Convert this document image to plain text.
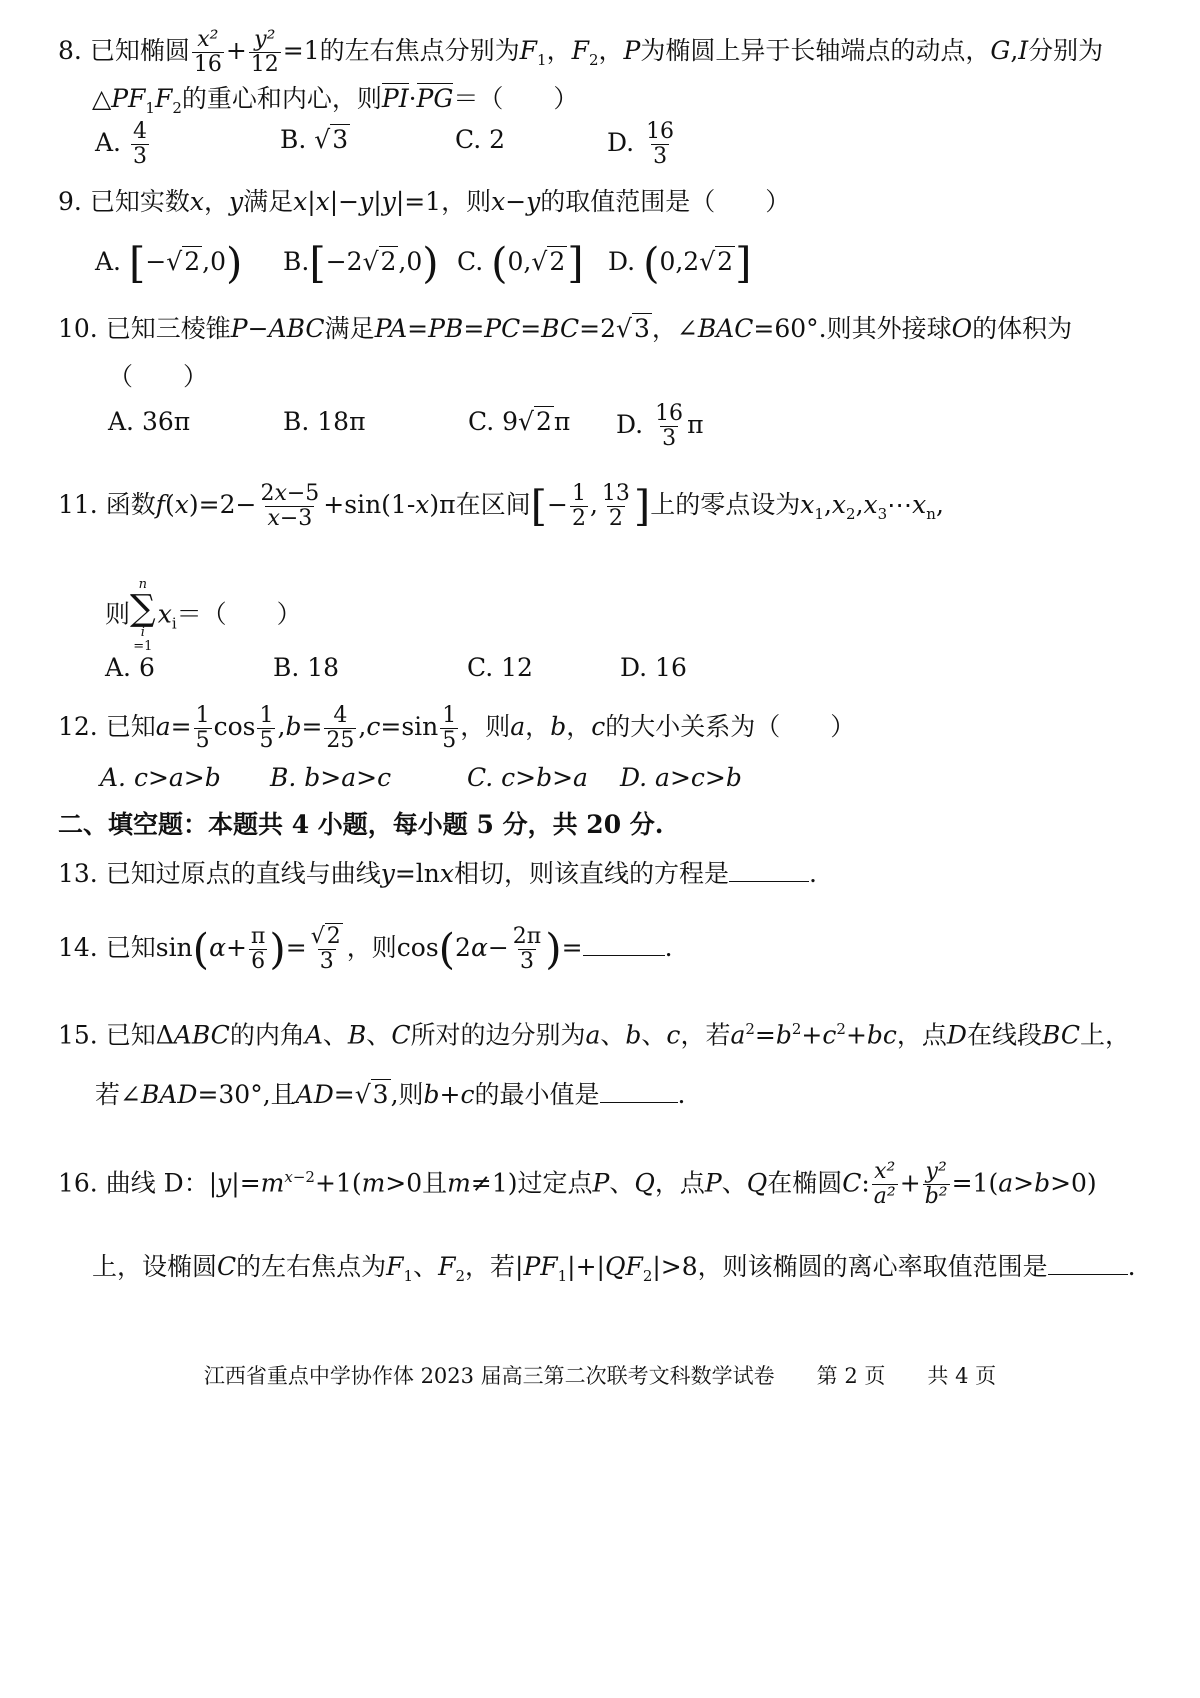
8. 已知椭圆 $\frac{\text{x²}}{16} + \frac{\text{y²}}{12} =1$的左右焦点分别为$F_1$，$F_2$，P为椭圆上异于长轴端点的动点，G,I分别为
$\triangle PF_1F_2$的重心和内心，则PI·PG＝（　　）
A. $\frac{4}{3}$	B. √3	C. 2	D. $\frac{16}{3}$
9. 已知实数x，y满足x|x|−y|y|=1，则x−y的取值范围是（　　）
A. [−√2,0) B.[−2√2,0) C. (0,√2] D. (0,2√2]
10. 已知三棱锥P−ABC满足PA=PB=PC=BC=2√3，∠BAC=60°.则其外接球O的体积为
（　　）
A. 36π	B. 18π	C. 9√2π D. $\frac{16}{3}$ π
11. 函数$f(x)=2- \frac{2x-5}{x-3} +\sin(1-x)\pi$在区间[− $\frac{1}{2}$ , $\frac{13}{2}$ ]上的零点设为$x_1,x_2,x_3\cdots x_n$,
则
n
∑
i
$=1x_i=$（　　）
A. 6	B. 18	C. 12	D. 16
12. 已知$a= \frac{1}{5}$ $\cos \frac{1}{5} ,b= \frac{4}{25} ,c=\sin \frac{1}{5}$ ，则a，b，c的大小关系为（　　）
A. c>a>b B. b>a>c	C. c>b>a D. a>c>b
二、填空题：本题共 4 小题，每小题 5 分，共 20 分.
13. 已知过原点的直线与曲线y=lnx相切，则该直线的方程是	.
14. 已知$\sin(\alpha+ \frac{\pi}{6}$ )= $\frac{√2}{3}$ ，则$\cos(2\alpha- \frac{2\pi}{3}$ )=	.
15. 已知ΔABC的内角A、B、C所对的边分别为a、b、c，若$a^2=b^2+c^2+bc$，点D在线段BC上，
若∠BAD=30°,且AD=√3,则b+c的最小值是	.
16. 曲线 D：$|y|=m^{x-2}+1(m>0$且m≠1)过定点P、Q，点P、Q在椭圆C: $\frac{\text{x²}}{\text{a²}} + \frac{\text{y²}}{\text{b²}} =1(a>b>0)$
上，设椭圆C的左右焦点为$F_1$、$F_2$，若$|PF_1|+|QF_2|>8$，则该椭圆的离心率取值范围是	.
江西省重点中学协作体 2023 届高三第二次联考文科数学试卷　　第 2 页　　共 4 页
